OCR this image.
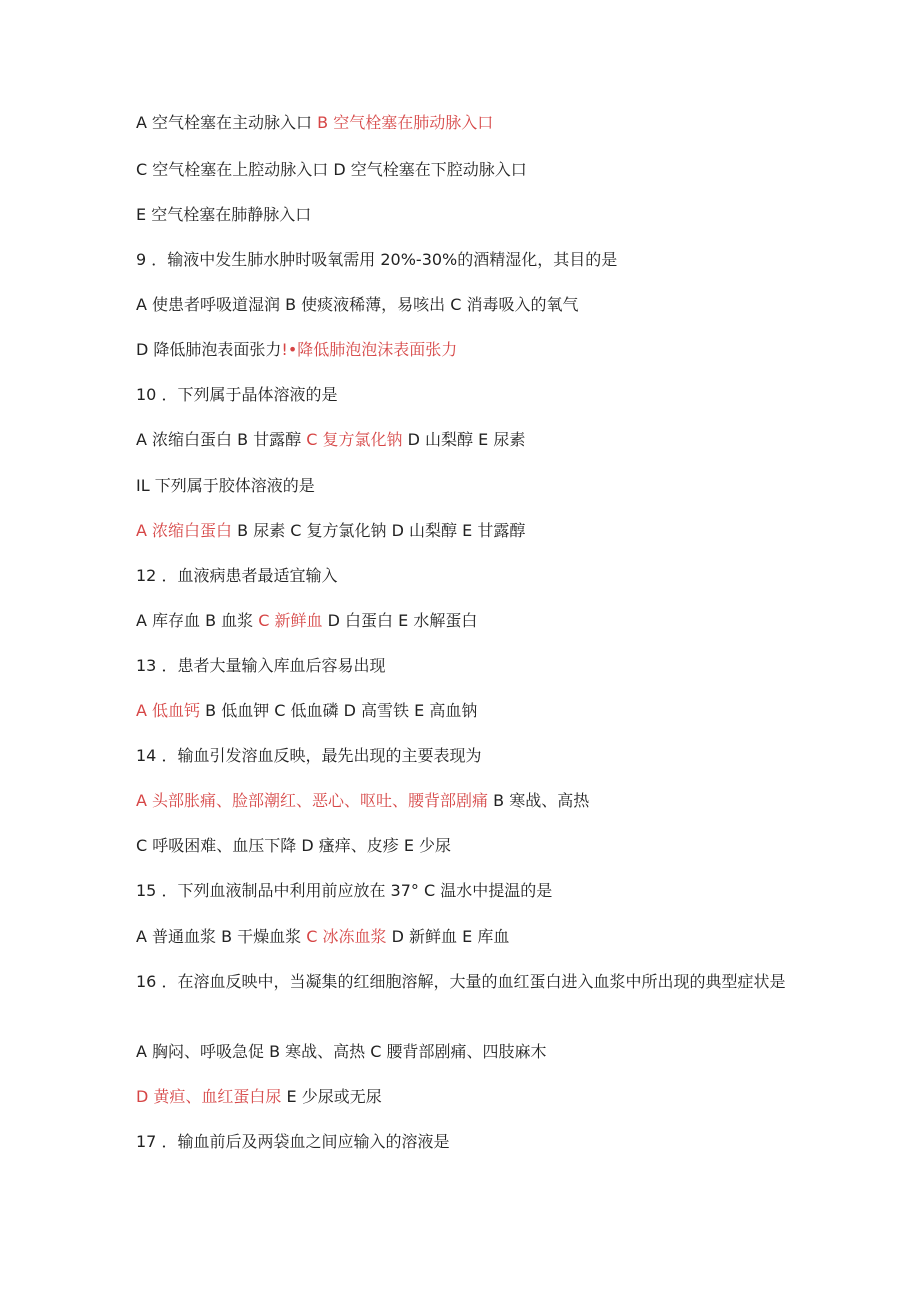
A 空气栓塞在主动脉入口 B 空气栓塞在肺动脉入口
C 空气栓塞在上腔动脉入口 D 空气栓塞在下腔动脉入口
E 空气栓塞在肺静脉入口
9 ．输液中发生肺水肿时吸氧需用 20%-30%的酒精湿化，其目的是
A 使患者呼吸道湿润 B 使痰液稀薄，易咳出 C 消毒吸入的氧气
D 降低肺泡表面张力!•降低肺泡泡沫表面张力
10 ．下列属于晶体溶液的是
A 浓缩白蛋白 B 甘露醇 C 复方氯化钠 D 山梨醇 E 尿素
IL 下列属于胶体溶液的是
A 浓缩白蛋白 B 尿素 C 复方氯化钠 D 山梨醇 E 甘露醇
12 ．血液病患者最适宜输入
A 库存血 B 血浆 C 新鲜血 D 白蛋白 E 水解蛋白
13 ．患者大量输入库血后容易出现
A 低血钙 B 低血钾 C 低血磷 D 高雪铁 E 高血钠
14 ．输血引发溶血反映，最先出现的主要表现为
A 头部胀痛、脸部潮红、恶心、呕吐、腰背部剧痛 B 寒战、高热
C 呼吸困难、血压下降 D 瘙痒、皮疹 E 少尿
15 ．下列血液制品中利用前应放在 37° C 温水中提温的是
A 普通血浆 B 干燥血浆 C 冰冻血浆 D 新鲜血 E 库血
16 ．在溶血反映中，当凝集的红细胞溶解，大量的血红蛋白进入血浆中所出现的典型症状是
A 胸闷、呼吸急促 B 寒战、高热 C 腰背部剧痛、四肢麻木
D 黄疸、血红蛋白尿 E 少尿或无尿
17 ．输血前后及两袋血之间应输入的溶液是
